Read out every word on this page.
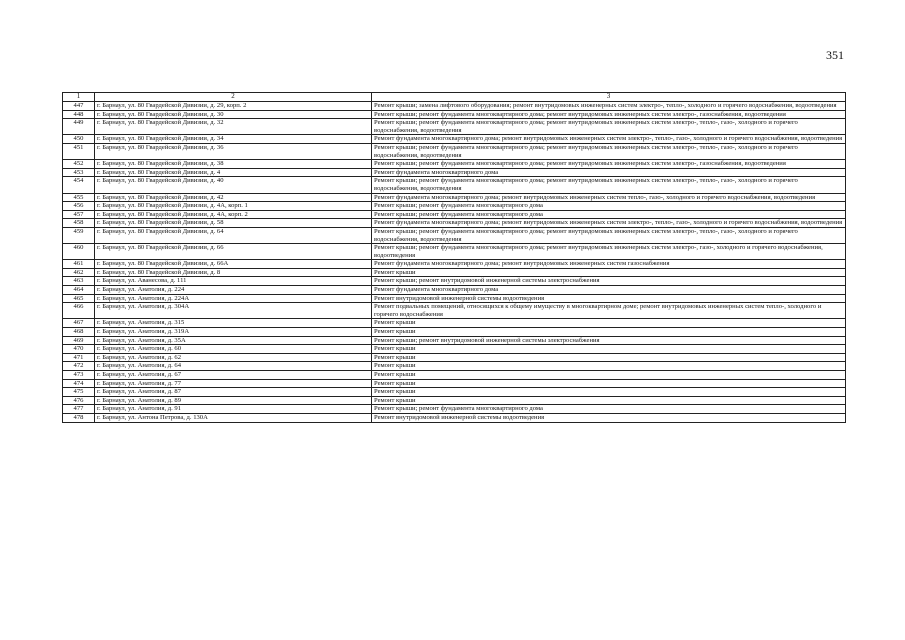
351
1	2	3
447	г. Барнаул, ул. 80 Гвардейской Дивизии, д. 29, корп. 2	Ремонт крыши; замена лифтового оборудования; ремонт внутридомовых инженерных систем электро-, тепло-, холодного и горячего водоснабжения, водоотведения
448	г. Барнаул, ул. 80 Гвардейской Дивизии, д. 30	Ремонт крыши; ремонт фундамента многоквартирного дома; ремонт внутридомовых инженерных систем электро-, газоснабжения, водоотведения
449	г. Барнаул, ул. 80 Гвардейской Дивизии, д. 32	Ремонт крыши; ремонт фундамента многоквартирного дома; ремонт внутридомовых инженерных систем электро-, тепло-, газо-, холодного и горячего водоснабжения, водоотведения
450	г. Барнаул, ул. 80 Гвардейской Дивизии, д. 34	Ремонт фундамента многоквартирного дома; ремонт внутридомовых инженерных систем электро-, тепло-, газо-, холодного и горячего водоснабжения, водоотведения
451	г. Барнаул, ул. 80 Гвардейской Дивизии, д. 36	Ремонт крыши; ремонт фундамента многоквартирного дома; ремонт внутридомовых инженерных систем электро-, тепло-, газо-, холодного и горячего водоснабжения, водоотведения
452	г. Барнаул, ул. 80 Гвардейской Дивизии, д. 38	Ремонт крыши; ремонт фундамента многоквартирного дома; ремонт внутридомовых инженерных систем электро-, газоснабжения, водоотведения
453	г. Барнаул, ул. 80 Гвардейской Дивизии, д. 4	Ремонт фундамента многоквартирного дома
454	г. Барнаул, ул. 80 Гвардейской Дивизии, д. 40	Ремонт крыши; ремонт фундамента многоквартирного дома; ремонт внутридомовых инженерных систем электро-, тепло-, газо-, холодного и горячего водоснабжения, водоотведения
455	г. Барнаул, ул. 80 Гвардейской Дивизии, д. 42	Ремонт фундамента многоквартирного дома; ремонт внутридомовых инженерных систем тепло-, газо-, холодного и горячего водоснабжения, водоотведения
456	г. Барнаул, ул. 80 Гвардейской Дивизии, д. 4А, корп. 1	Ремонт крыши; ремонт фундамента многоквартирного дома
457	г. Барнаул, ул. 80 Гвардейской Дивизии, д. 4А, корп. 2	Ремонт крыши; ремонт фундамента многоквартирного дома
458	г. Барнаул, ул. 80 Гвардейской Дивизии, д. 58	Ремонт фундамента многоквартирного дома; ремонт внутридомовых инженерных систем электро-, тепло-, газо-, холодного и горячего водоснабжения, водоотведения
459	г. Барнаул, ул. 80 Гвардейской Дивизии, д. 64	Ремонт крыши; ремонт фундамента многоквартирного дома; ремонт внутридомовых инженерных систем электро-, тепло-, газо-, холодного и горячего водоснабжения, водоотведения
460	г. Барнаул, ул. 80 Гвардейской Дивизии, д. 66	Ремонт крыши; ремонт фундамента многоквартирного дома; ремонт внутридомовых инженерных систем электро-, газо-, холодного и горячего водоснабжения, водоотведения
461	г. Барнаул, ул. 80 Гвардейской Дивизии, д. 66А	Ремонт фундамента многоквартирного дома; ремонт внутридомовых инженерных систем газоснабжения
462	г. Барнаул, ул. 80 Гвардейской Дивизии, д. 8	Ремонт крыши
463	г. Барнаул, ул. Аванесова, д. 111	Ремонт крыши; ремонт внутридомовой инженерной системы электроснабжения
464	г. Барнаул, ул. Анатолия, д. 224	Ремонт фундамента многоквартирного дома
465	г. Барнаул, ул. Анатолия, д. 224А	Ремонт внутридомовой инженерной системы водоотведения
466	г. Барнаул, ул. Анатолия, д. 304А	Ремонт подвальных помещений, относящихся к общему имуществу в многоквартирном доме; ремонт внутридомовых инженерных систем тепло-, холодного и горячего водоснабжения
467	г. Барнаул, ул. Анатолия, д. 315	Ремонт крыши
468	г. Барнаул, ул. Анатолия, д. 319А	Ремонт крыши
469	г. Барнаул, ул. Анатолия, д. 35А	Ремонт крыши; ремонт внутридомовой инженерной системы электроснабжения
470	г. Барнаул, ул. Анатолия, д. 60	Ремонт крыши
471	г. Барнаул, ул. Анатолия, д. 62	Ремонт крыши
472	г. Барнаул, ул. Анатолия, д. 64	Ремонт крыши
473	г. Барнаул, ул. Анатолия, д. 67	Ремонт крыши
474	г. Барнаул, ул. Анатолия, д. 77	Ремонт крыши
475	г. Барнаул, ул. Анатолия, д. 87	Ремонт крыши
476	г. Барнаул, ул. Анатолия, д. 89	Ремонт крыши
477	г. Барнаул, ул. Анатолия, д. 91	Ремонт крыши; ремонт фундамента многоквартирного дома
478	г. Барнаул, ул. Антона Петрова, д. 130А	Ремонт внутридомовой инженерной системы водоотведения
